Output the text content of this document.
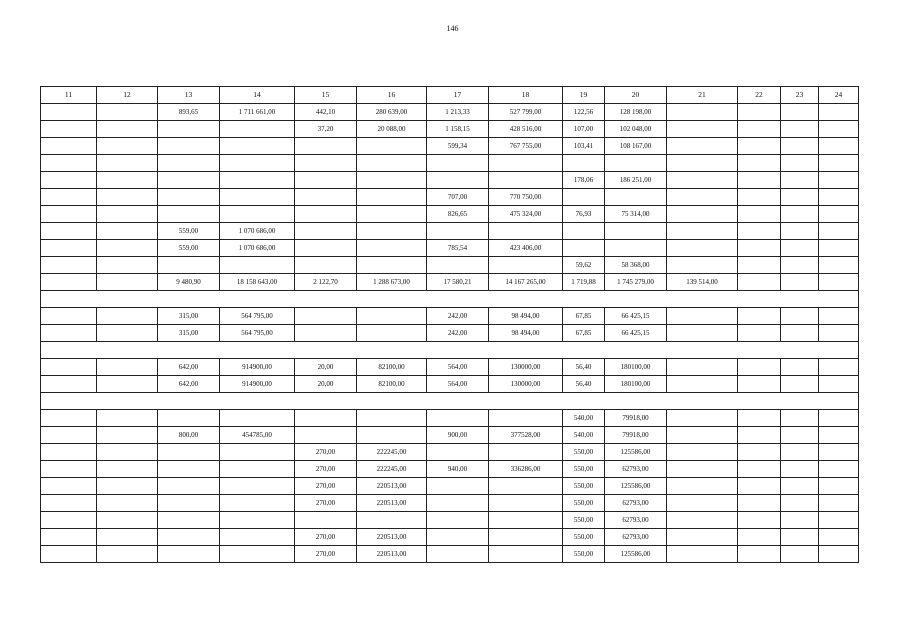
146
11	12	13	14	15	16	17	18	19	20	21	22	23	24
		893,65	1 711 661,00	442,10	280 639,00	1 213,33	527 799,00	122,56	128 198,00				
				37,20	20 088,00	1 158,15	428 516,00	107,00	102 048,00				
						599,34	767 755,00	103,41	108 167,00				

								178,06	186 251,00				
						707,00	770 750,00						
						826,65	475 324,00	76,93	75 314,00				
		559,00	1 070 686,00										
		559,00	1 070 686,00			785,54	423 406,00						
								59,62	58 368,00				
		9 480,90	18 158 643,00	2 122,70	1 288 673,00	17 580,21	14 167 265,00	1 719,88	1 745 279,00	139 514,00			

		315,00	564 795,00			242,00	98 494,00	67,85	66 425,15				
		315,00	564 795,00			242,00	98 494,00	67,85	66 425,15				

		642,00	914900,00	20,00	82100,00	564,00	130000,00	56,40	180100,00				
		642,00	914900,00	20,00	82100,00	564,00	130000,00	56,40	180100,00				

								540,00	79918,00				
		800,00	454785,00			900,00	377528,00	540,00	79918,00				
				270,00	222245,00			550,00	125586,00				
				270,00	222245,00	940,00	336286,00	550,00	62793,00				
				270,00	220513,00			550,00	125586,00				
				270,00	220513,00			550,00	62793,00				
								550,00	62793,00				
				270,00	220513,00			550,00	62793,00				
				270,00	220513,00			550,00	125586,00				
